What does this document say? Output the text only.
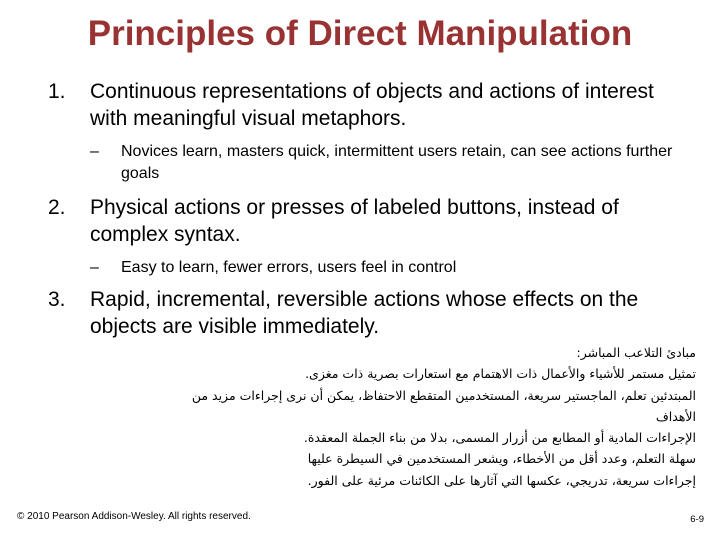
Principles of Direct Manipulation
1. Continuous representations of objects and actions of interest with meaningful visual metaphors.
– Novices learn, masters quick, intermittent users retain, can see actions further goals
2. Physical actions or presses of labeled buttons, instead of complex syntax.
– Easy to learn, fewer errors, users feel in control
3. Rapid, incremental, reversible actions whose effects on the objects are visible immediately.
مبادئ التلاعب المباشر:
تمثيل مستمر للأشياء والأعمال ذات الاهتمام مع استعارات بصرية ذات مغزى.
المبتدئين تعلم، الماجستير سريعة، المستخدمين المتقطع الاحتفاظ، يمكن أن نرى إجراءات مزيد من
الأهداف
الإجراءات المادية أو المطابع من أزرار المسمى، بدلا من بناء الجملة المعقدة.
سهلة التعلم، وعدد أقل من الأخطاء، ويشعر المستخدمين في السيطرة عليها
إجراءات سريعة، تدريجي، عكسها التي آثارها على الكائنات مرئية على الفور.
© 2010 Pearson Addison-Wesley. All rights reserved.	6-9
